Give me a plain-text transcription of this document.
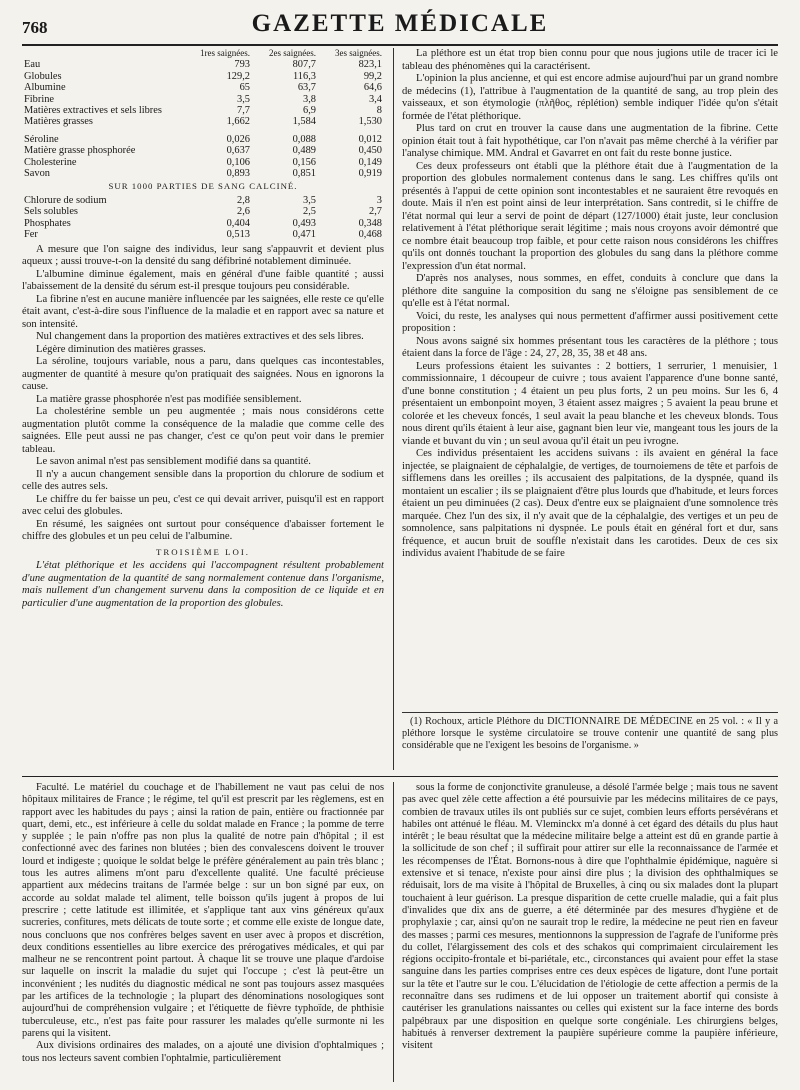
768	GAZETTE MÉDICALE
	1res saignées.	2es saignées.	3es saignées.
Eau	793	807,7	823,1
Globules	129,2	116,3	99,2
Albumine	65	63,7	64,6
Fibrine	3,5	3,8	3,4
Matières extractives et sels libres	7,7	6,9	8
Matières grasses	1,662	1,584	1,530

Séroline	0,026	0,088	0,012
Matière grasse phosphorée	0,637	0,489	0,450
Cholesterine	0,106	0,156	0,149
Savon	0,893	0,851	0,919

SUR 1000 PARTIES DE SANG CALCINÉ.			

Chlorure de sodium	2,8	3,5	3
Sels solubles	2,6	2,5	2,7
Phosphates	0,404	0,493	0,348
Fer	0,513	0,471	0,468

A mesure que l'on saigne des individus, leur sang s'appauvrit et devient plus aqueux ; aussi trouve-t-on la densité du sang défibriné notablement diminuée.

L'albumine diminue également, mais en général d'une faible quantité ; aussi l'abaissement de la densité du sérum est-il presque toujours peu considérable.

La fibrine n'est en aucune manière influencée par les saignées, elle reste ce qu'elle était avant, c'est-à-dire sous l'influence de la maladie et en rapport avec sa nature et son intensité.

Nul changement dans la proportion des matières extractives et des sels libres.

Légère diminution des matières grasses.

La séroline, toujours variable, nous a paru, dans quelques cas incontestables, augmenter de quantité à mesure qu'on pratiquait des saignées. Nous en ignorons la cause.

La matière grasse phosphorée n'est pas modifiée sensiblement.

La cholestérine semble un peu augmentée ; mais nous considérons cette augmentation plutôt comme la conséquence de la maladie que comme celle des saignées. Elle peut aussi ne pas changer, c'est ce qu'on peut voir dans le premier tableau.

Le savon animal n'est pas sensiblement modifié dans sa quantité.

Il n'y a aucun changement sensible dans la proportion du chlorure de sodium et celle des autres sels.

Le chiffre du fer baisse un peu, c'est ce qui devait arriver, puisqu'il est en rapport avec celui des globules.

En résumé, les saignées ont surtout pour conséquence d'abaisser fortement le chiffre des globules et un peu celui de l'albumine.

TROISIÈME LOI.

L'état pléthorique et les accidens qui l'accompagnent résultent probablement d'une augmentation de la quantité de sang normalement contenue dans l'organisme, mais nullement d'un changement survenu dans la composition de ce liquide et en particulier d'une augmentation de la proportion des globules.

La pléthore est un état trop bien connu pour que nous jugions utile de tracer ici le tableau des phénomènes qui la caractérisent.

L'opinion la plus ancienne, et qui est encore admise aujourd'hui par un grand nombre de médecins (1), l'attribue à l'augmentation de la quantité de sang, au trop plein des vaisseaux, et son étymologie (πλῆθος, réplétion) semble indiquer l'idée qu'on s'était formée de l'état pléthorique.

Plus tard on crut en trouver la cause dans une augmentation de la fibrine. Cette opinion était tout à fait hypothétique, car l'on n'avait pas même cherché à la vérifier par l'analyse chimique. MM. Andral et Gavarret en ont fait du reste bonne justice.

Ces deux professeurs ont établi que la pléthore était due à l'augmentation de la proportion des globules normalement contenus dans le sang. Les chiffres qu'ils ont présentés à l'appui de cette opinion sont incontestables et ne sauraient être revoqués en doute. Mais il n'en est point ainsi de leur interprétation. Sans contredit, si le chiffre de l'état normal qui leur a servi de point de départ (127/1000) était juste, leur conclusion relativement à l'état pléthorique serait légitime ; mais nous croyons avoir démontré que ce nombre était beaucoup trop faible, et pour cette raison nous considérons les chiffres qu'ils ont donnés touchant la proportion des globules du sang dans la pléthore comme l'expression d'un état normal.

D'après nos analyses, nous sommes, en effet, conduits à conclure que dans la pléthore dite sanguine la composition du sang ne s'éloigne pas sensiblement de ce qu'elle est à l'état normal.

Voici, du reste, les analyses qui nous permettent d'affirmer aussi positivement cette proposition :

Nous avons saigné six hommes présentant tous les caractères de la pléthore ; tous étaient dans la force de l'âge : 24, 27, 28, 35, 38 et 48 ans.

Leurs professions étaient les suivantes : 2 bottiers, 1 serrurier, 1 menuisier, 1 commissionnaire, 1 découpeur de cuivre ; tous avaient l'apparence d'une bonne santé, d'une bonne constitution ; 4 étaient un peu plus forts, 2 un peu moins. Sur les 6, 4 présentaient un embonpoint moyen, 3 étaient assez maigres ; 5 avaient la peau brune et colorée et les cheveux foncés, 1 seul avait la peau blanche et les cheveux blonds. Tous nous dirent qu'ils étaient à leur aise, gagnant bien leur vie, mangeant tous les jours de la viande et buvant du vin ; un seul avoua qu'il était un peu ivrogne.

Ces individus présentaient les accidens suivans : ils avaient en général la face injectée, se plaignaient de céphalalgie, de vertiges, de tournoiemens de tête et parfois de sifflemens dans les oreilles ; ils accusaient des palpitations, de la dyspnée, quand ils montaient un escalier ; ils se plaignaient d'être plus lourds que d'habitude, et leurs forces étaient un peu diminuées (2 cas). Deux d'entre eux se plaignaient d'une somnolence très marquée. Chez l'un des six, il n'y avait que de la céphalalgie, des vertiges et un peu de somnolence, sans palpitations ni dyspnée. Le pouls était en général fort et dur, sans fréquence, et aucun bruit de souffle n'existait dans les carotides. Deux de ces six individus avaient l'habitude de se faire

(1) Rochoux, article Pléthore du DICTIONNAIRE DE MÉDECINE en 25 vol. : « Il y a pléthore lorsque le système circulatoire se trouve contenir une quantité de sang plus considérable que ne l'exigent les besoins de l'organisme. »

Faculté. Le matériel du couchage et de l'habillement ne vaut pas celui de nos hôpitaux militaires de France ; le régime, tel qu'il est prescrit par les règlemens, est en rapport avec les habitudes du pays ; ainsi la ration de pain, entière ou fractionnée par quart, demi, etc., est inférieure à celle du soldat malade en France ; la pomme de terre y supplée ; le pain n'offre pas non plus la qualité de notre pain d'hôpital ; il est confectionné avec des farines non blutées ; bien des convalescens doivent le trouver lourd et indigeste ; quoique le soldat belge le préfère généralement au pain très blanc ; tous les autres alimens m'ont paru d'excellente qualité. Une faculté précieuse appartient aux médecins traitans de l'armée belge : sur un bon signé par eux, on accorde au soldat malade tel aliment, telle boisson qu'ils jugent à propos de lui prescrire ; cette latitude est illimitée, et s'applique tant aux vins généreux qu'aux sucreries, confitures, mets délicats de toute sorte ; et comme elle existe de longue date, nous concluons que nos confrères belges savent en user avec à propos et discrétion, deux conditions essentielles au libre exercice des prérogatives médicales, et qui par malheur ne se rencontrent point partout. À chaque lit se trouve une plaque d'ardoise sur laquelle on inscrit la maladie du sujet qui l'occupe ; c'est là peut-être un inconvénient ; les nudités du diagnostic médical ne sont pas toujours assez masquées par les artifices de la technologie ; la plupart des dénominations nosologiques sont aujourd'hui de compréhension vulgaire ; et l'étiquette de fièvre typhoïde, de phthisie tuberculeuse, etc., n'est pas faite pour rassurer les malades qu'elle surmonte ni les parens qui la visitent.

Aux divisions ordinaires des malades, on a ajouté une division d'ophtalmiques ; tous nos lecteurs savent combien l'ophtalmie, particulièrement

sous la forme de conjonctivite granuleuse, a désolé l'armée belge ; mais tous ne savent pas avec quel zèle cette affection a été poursuivie par les médecins militaires de ce pays, combien de travaux utiles ils ont publiés sur ce sujet, combien leurs efforts persévérans et habiles ont atténué le fléau. M. Vleminckx m'a donné à cet égard des détails du plus haut intérêt ; le beau résultat que la médecine militaire belge a atteint est dû en grande partie à la sollicitude de son chef ; il suffirait pour attirer sur elle la reconnaissance de l'armée et les récompenses de l'État. Bornons-nous à dire que l'ophthalmie épidémique, naguère si extensive et si tenace, n'existe pour ainsi dire plus ; la division des ophthalmiques se réduisait, lors de ma visite à l'hôpital de Bruxelles, à cinq ou six malades dont la plupart touchaient à leur guérison. La presque disparition de cette cruelle maladie, qui a fait plus d'invalides que dix ans de guerre, a été déterminée par des mesures d'hygiène et de prophylaxie ; car, ainsi qu'on ne saurait trop le redire, la médecine ne peut rien en faveur des masses ; parmi ces mesures, mentionnons la suppression de l'agrafe de l'uniforme près du collet, l'élargissement des cols et des schakos qui comprimaient circulairement les régions occipito-frontale et bi-pariétale, etc., circonstances qui avaient pour effet la stase sanguine dans les parties comprises entre ces deux espèces de ligature, dont l'une portait sur la tête et l'autre sur le cou. L'élucidation de l'étiologie de cette affection a permis de la reconnaître dans ses rudimens et de lui opposer un traitement abortif qui consiste à cautériser les granulations naissantes ou celles qui existent sur la face interne des bords palpébraux par une disposition en quelque sorte congéniale. Les chirurgiens belges, habitués à renverser dextrement la paupière supérieure comme la paupière inférieure, visitent
